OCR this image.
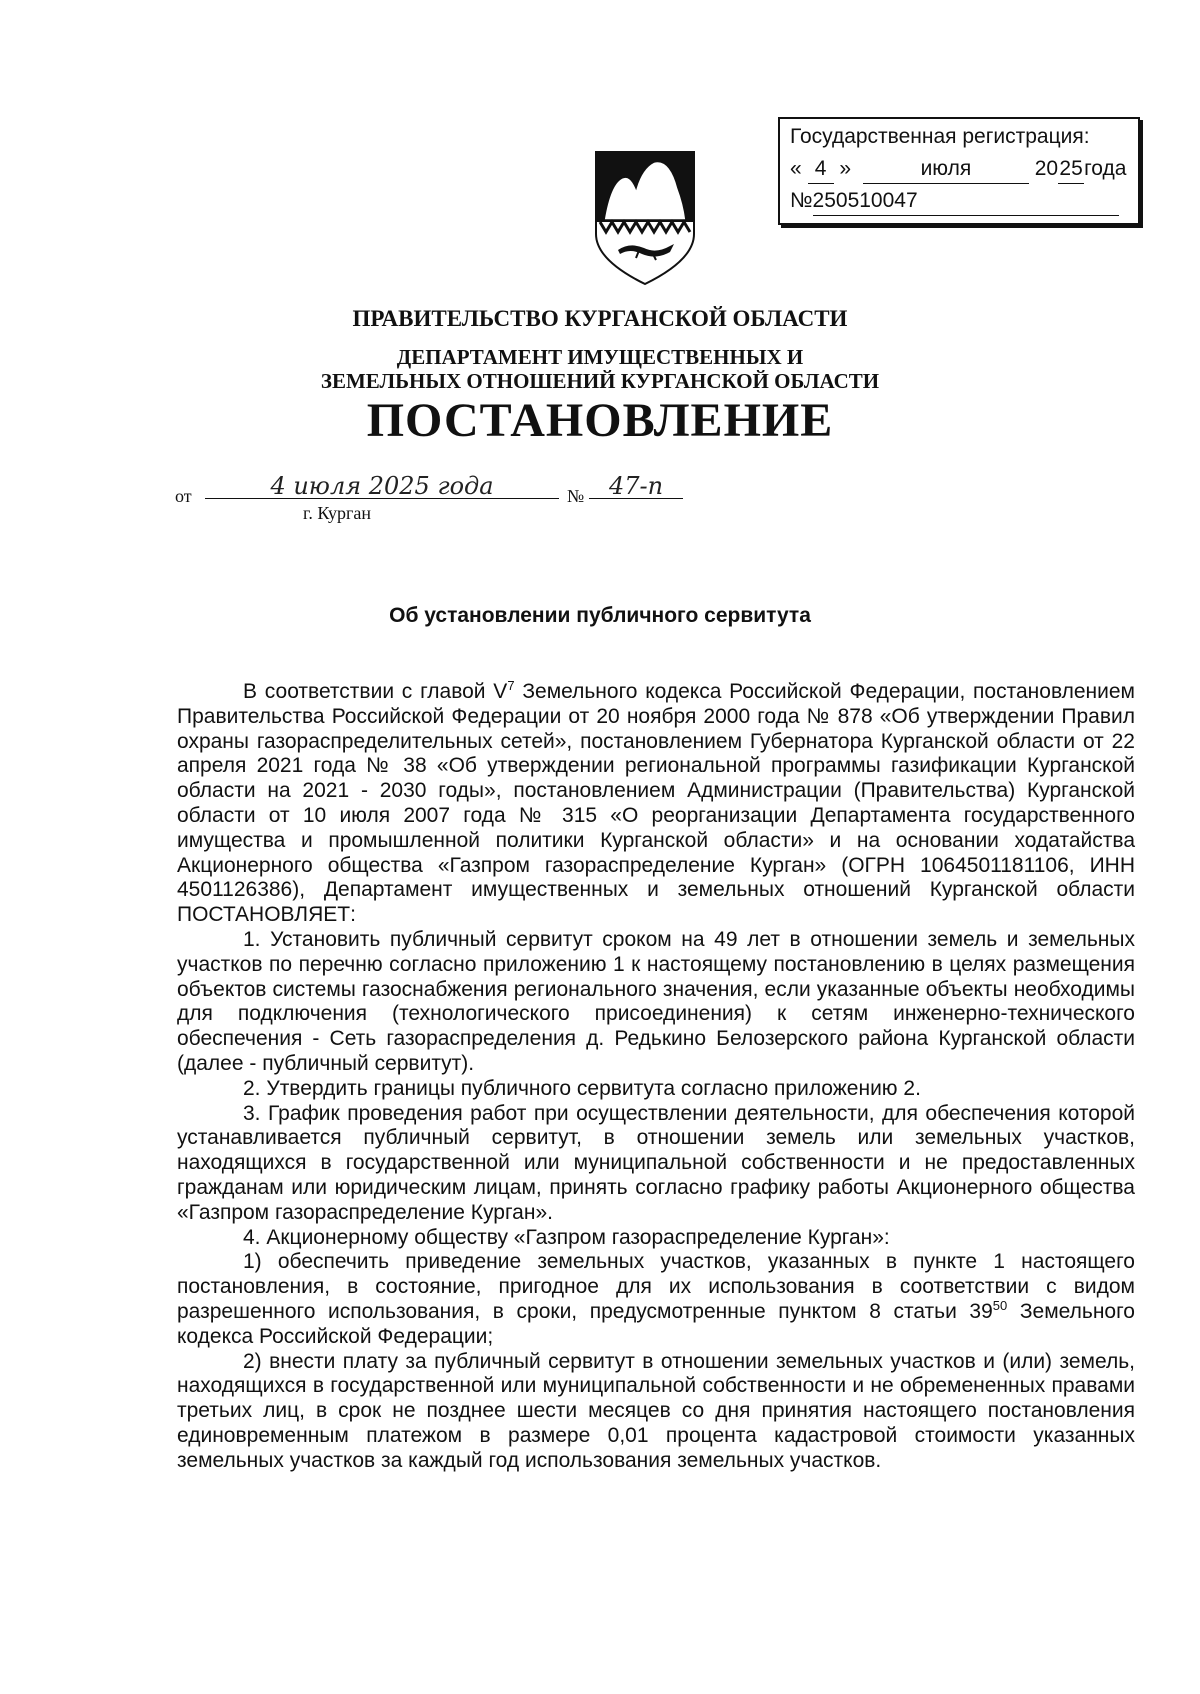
Государственная регистрация:
« 4 »	июля	2025года
№250510047
ПРАВИТЕЛЬСТВО КУРГАНСКОЙ ОБЛАСТИ
ДЕПАРТАМЕНТ ИМУЩЕСТВЕННЫХ И
ЗЕМЕЛЬНЫХ ОТНОШЕНИЙ КУРГАНСКОЙ ОБЛАСТИ
ПОСТАНОВЛЕНИЕ
от	4 июля 2025 года	№	47-п
г. Курган
Об установлении публичного сервитута

В соответствии с главой $V^7$ Земельного кодекса Российской Федерации, постановлением Правительства Российской Федерации от 20 ноября 2000 года № 878 «Об утверждении Правил охраны газораспределительных сетей», постановлением Губернатора Курганской области от 22 апреля 2021 года № 38 «Об утверждении региональной программы газификации Курганской области на 2021 - 2030 годы», постановлением Администрации (Правительства) Курганской области от 10 июля 2007 года № 315 «О реорганизации Департамента государственного имущества и промышленной политики Курганской области» и на основании ходатайства Акционерного общества «Газпром газораспределение Курган» (ОГРН 1064501181106, ИНН 4501126386), Департамент имущественных и земельных отношений Курганской области ПОСТАНОВЛЯЕТ:

1. Установить публичный сервитут сроком на 49 лет в отношении земель и земельных участков по перечню согласно приложению 1 к настоящему постановлению в целях размещения объектов системы газоснабжения регионального значения, если указанные объекты необходимы для подключения (технологического присоединения) к сетям инженерно-технического обеспечения - Сеть газораспределения д. Редькино Белозерского района Курганской области (далее - публичный сервитут).

2. Утвердить границы публичного сервитута согласно приложению 2.

3. График проведения работ при осуществлении деятельности, для обеспечения которой устанавливается публичный сервитут, в отношении земель или земельных участков, находящихся в государственной или муниципальной собственности и не предоставленных гражданам или юридическим лицам, принять согласно графику работы Акционерного общества «Газпром газораспределение Курган».

4. Акционерному обществу «Газпром газораспределение Курган»:

1) обеспечить приведение земельных участков, указанных в пункте 1 настоящего постановления, в состояние, пригодное для их использования в соответствии с видом разрешенного использования, в сроки, предусмотренные пунктом 8 статьи $39^{50}$ Земельного кодекса Российской Федерации;

2) внести плату за публичный сервитут в отношении земельных участков и (или) земель, находящихся в государственной или муниципальной собственности и не обремененных правами третьих лиц, в срок не позднее шести месяцев со дня принятия настоящего постановления единовременным платежом в размере 0,01 процента кадастровой стоимости указанных земельных участков за каждый год использования земельных участков.
